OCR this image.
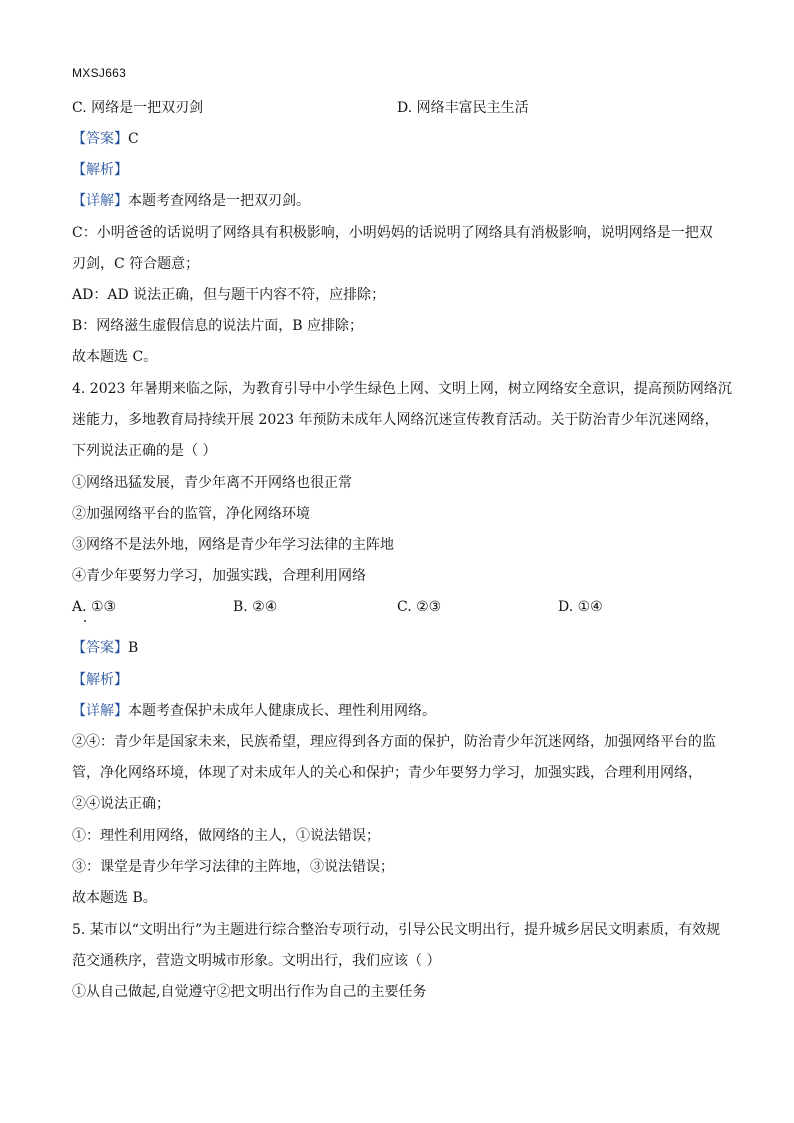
MXSJ663
C. 网络是一把双刃剑	D. 网络丰富民主生活
【答案】C
【解析】
【详解】本题考查网络是一把双刃剑。
C：小明爸爸的话说明了网络具有积极影响，小明妈妈的话说明了网络具有消极影响，说明网络是一把双
刃剑，C 符合题意；
AD：AD 说法正确，但与题干内容不符，应排除；
B：网络滋生虚假信息的说法片面，B 应排除；
故本题选 C。
4. 2023 年暑期来临之际，为教育引导中小学生绿色上网、文明上网，树立网络安全意识，提高预防网络沉
迷能力，多地教育局持续开展 2023 年预防未成年人网络沉迷宣传教育活动。关于防治青少年沉迷网络，
下列说法正确的是（ ）
①网络迅猛发展，青少年离不开网络也很正常
②加强网络平台的监管，净化网络环境
③网络不是法外地，网络是青少年学习法律的主阵地
④青少年要努力学习，加强实践，合理利用网络
A. ①③	B. ②④	C. ②③	D. ①④
【答案】B
【解析】
【详解】本题考查保护未成年人健康成长、理性利用网络。
②④：青少年是国家未来，民族希望，理应得到各方面的保护，防治青少年沉迷网络，加强网络平台的监
管，净化网络环境，体现了对未成年人的关心和保护；青少年要努力学习，加强实践，合理利用网络，
②④说法正确；
①：理性利用网络，做网络的主人，①说法错误；
③：课堂是青少年学习法律的主阵地，③说法错误；
故本题选 B。
5. 某市以“文明出行”为主题进行综合整治专项行动，引导公民文明出行，提升城乡居民文明素质，有效规
范交通秩序，营造文明城市形象。文明出行，我们应该（ ）
①从自己做起,自觉遵守②把文明出行作为自己的主要任务
